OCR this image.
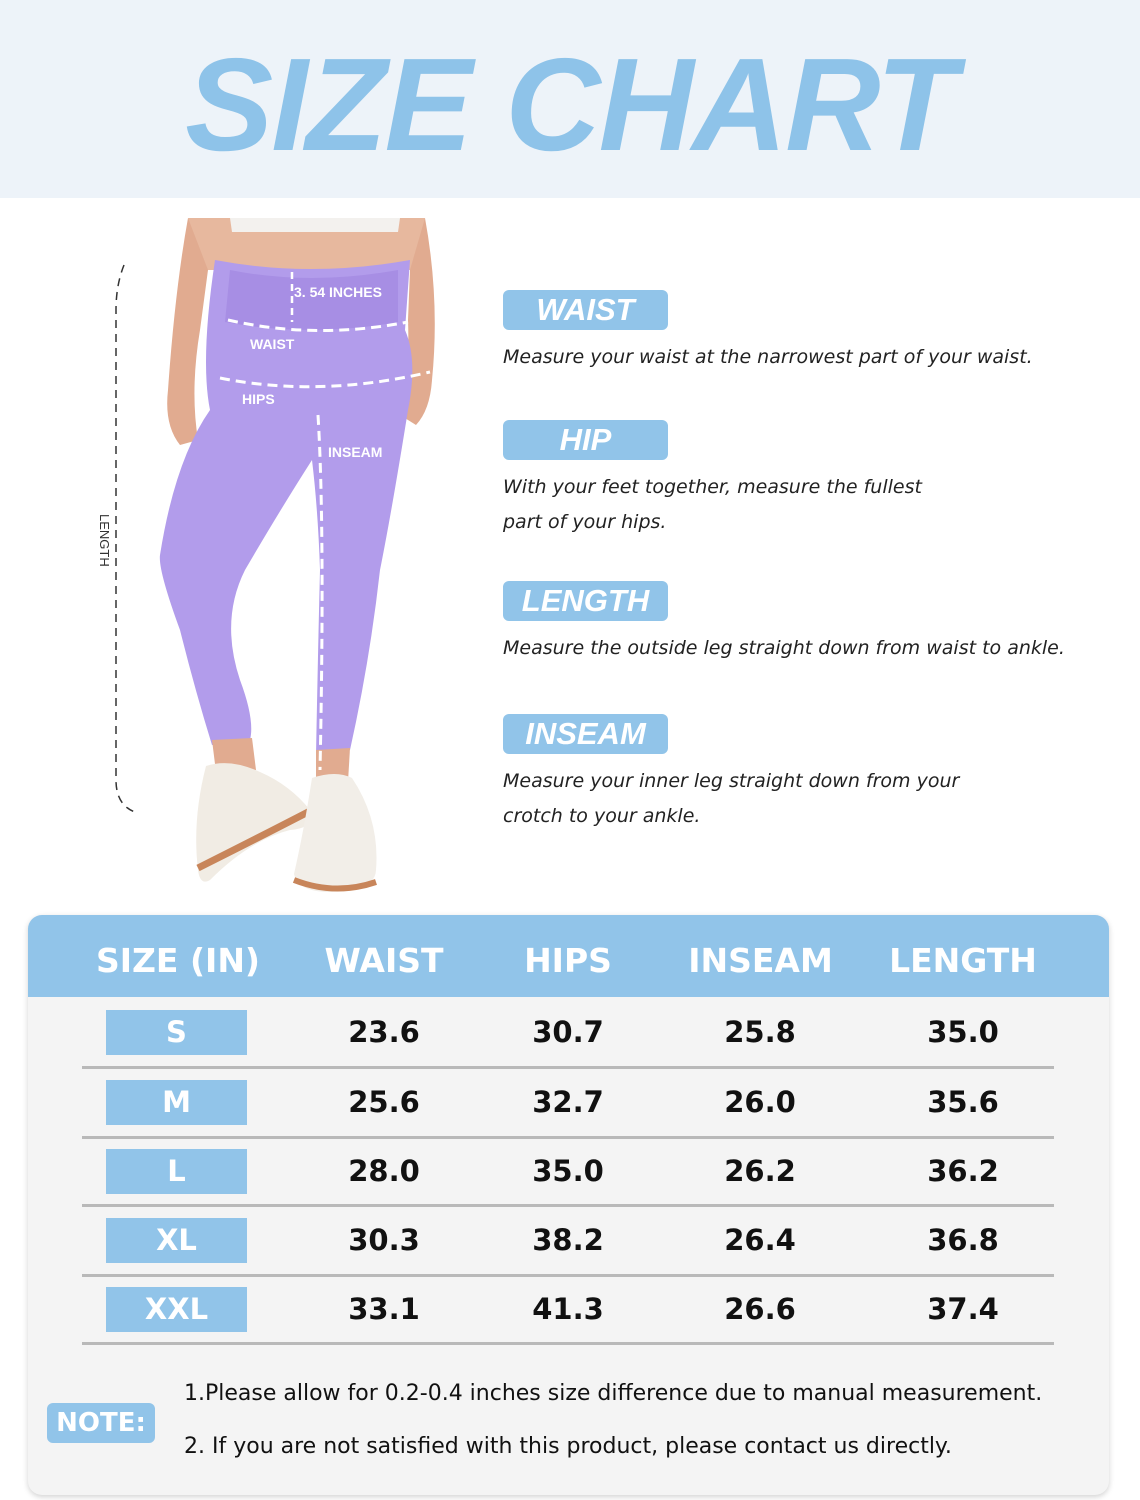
SIZE CHART
3. 54 INCHES
WAIST
HIPS
INSEAM
LENGTH
WAIST
Measure your waist at the narrowest part of your waist.
HIP
With your feet together, measure the fullest
part of your hips.
LENGTH
Measure the outside leg straight down from waist to ankle.
INSEAM
Measure your inner leg straight down from your
crotch to your ankle.
SIZE (IN)	WAIST	HIPS	INSEAM	LENGTH
S	23.6	30.7	25.8	35.0
M	25.6	32.7	26.0	35.6
L	28.0	35.0	26.2	36.2
XL	30.3	38.2	26.4	36.8
XXL	33.1	41.3	26.6	37.4
NOTE:
1.Please allow for 0.2-0.4 inches size difference due to manual measurement.
2. If you are not satisfied with this product, please contact us directly.
